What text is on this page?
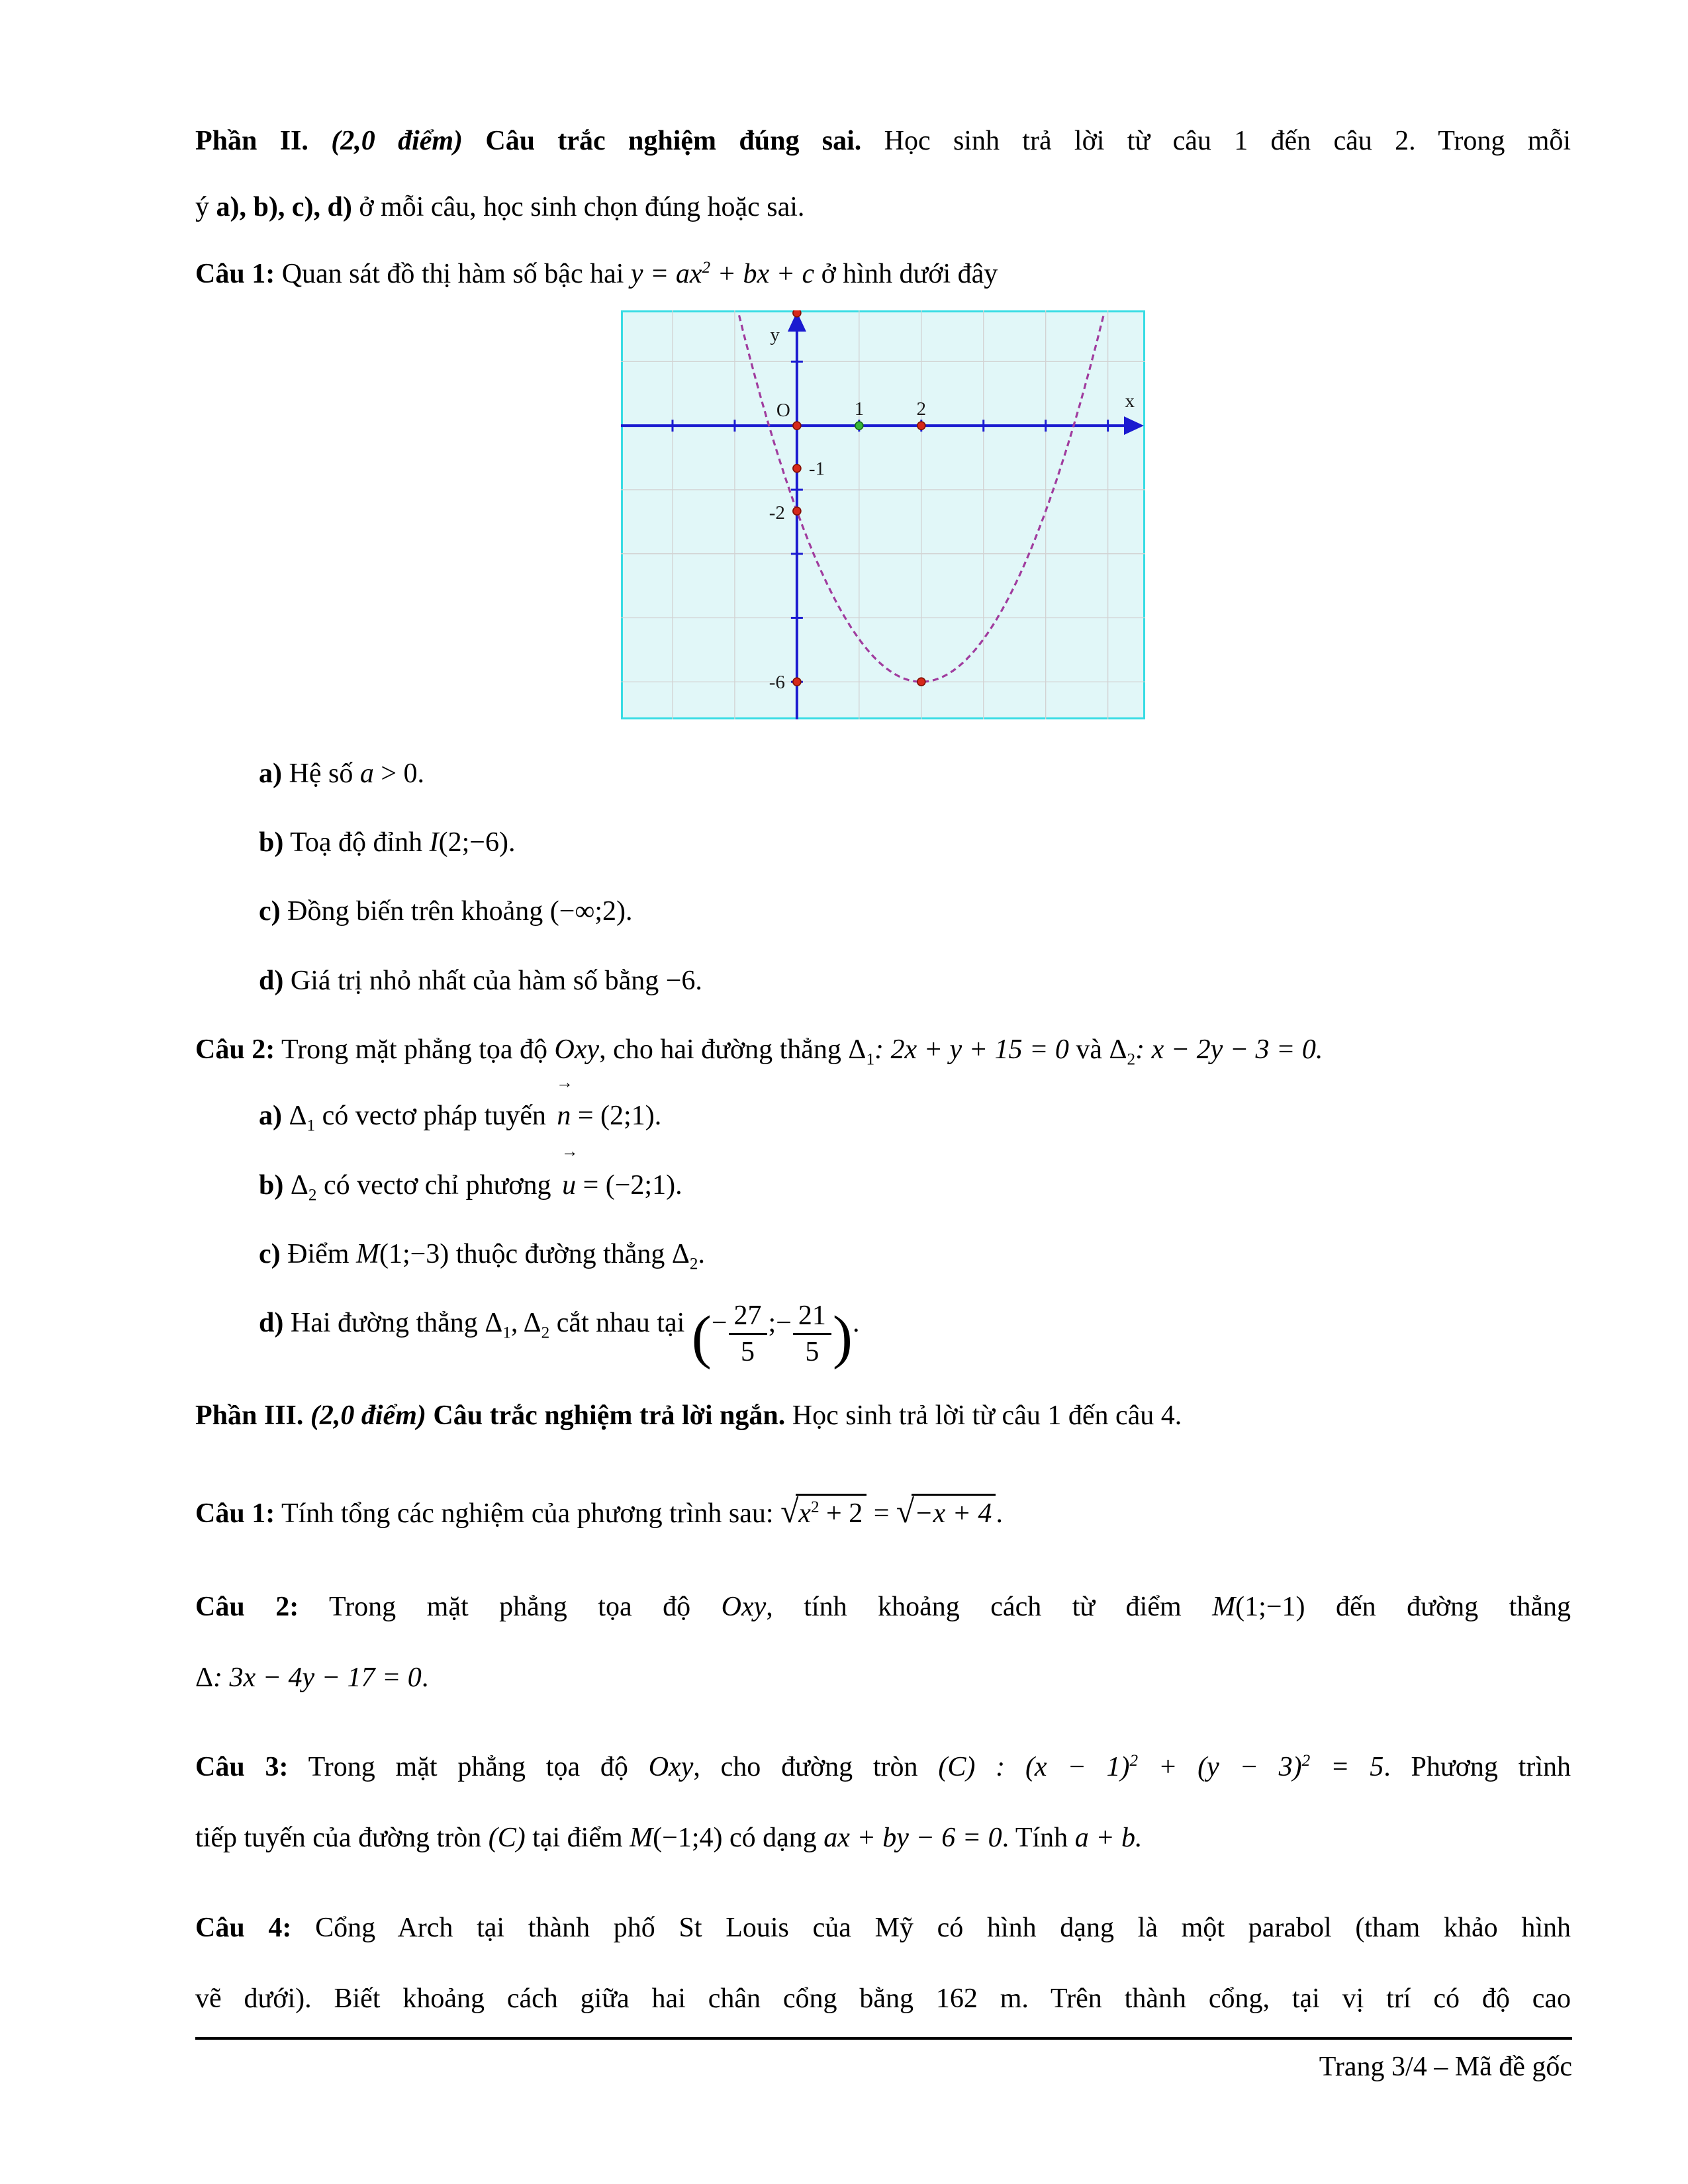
Phần II. (2,0 điểm) Câu trắc nghiệm đúng sai. Học sinh trả lời từ câu 1 đến câu 2. Trong mỗi
ý a), b), c), d) ở mỗi câu, học sinh chọn đúng hoặc sai.
Câu 1: Quan sát đồ thị hàm số bậc hai $y = ax^2$ + bx + c ở hình dưới đây
O	1	2
-1
-2
-6
y
x
a) Hệ số a > 0.
b) Toạ độ đỉnh I(2;−6).
c) Đồng biến trên khoảng (−∞;2).
d) Giá trị nhỏ nhất của hàm số bằng −6.
Câu 2: Trong mặt phẳng tọa độ Oxy, cho hai đường thẳng $\Delta_1$: 2x + y + 15 = 0 và $\Delta_2$: x − 2y − 3 = 0.
a) $\Delta_1$ có vectơ pháp tuyến
→
n = (2;1).
b) $\Delta_2$ có vectơ chỉ phương
→
u = (−2;1).
c) Điểm M(1;−3) thuộc đường thẳng $\Delta_2$.
d) Hai đường thẳng $\Delta_1$, $\Delta_2$ cắt nhau tại (− $\frac{27}{5}$ ;− $\frac{21}{5}$ ).
Phần III. (2,0 điểm) Câu trắc nghiệm trả lời ngắn. Học sinh trả lời từ câu 1 đến câu 4.
Câu 1: Tính tổng các nghiệm của phương trình sau: $√x^2 + 2 = √-x + 4$ .
Câu 2: Trong mặt phẳng tọa độ Oxy, tính khoảng cách từ điểm M(1;−1) đến đường thẳng
Δ: 3x − 4y − 17 = 0.
Câu 3: Trong mặt phẳng tọa độ Oxy, cho đường tròn (C) : $(x - 1)^2 + (y - 3)^2 = 5$. Phương trình
tiếp tuyến của đường tròn (C) tại điểm M(−1;4) có dạng ax + by − 6 = 0. Tính a + b.
Câu 4: Cổng Arch tại thành phố St Louis của Mỹ có hình dạng là một parabol (tham khảo hình
vẽ dưới). Biết khoảng cách giữa hai chân cổng bằng 162 m. Trên thành cổng, tại vị trí có độ cao
Trang 3/4 – Mã đề gốc
